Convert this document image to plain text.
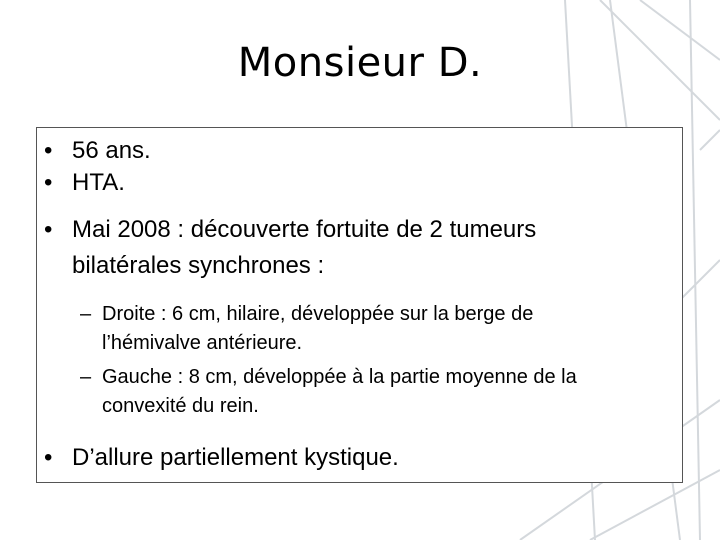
Monsieur D.
• 56 ans.
• HTA.
• Mai 2008 : découverte fortuite de 2 tumeurs
bilatérales synchrones :
– Droite : 6 cm, hilaire, développée sur la berge de
l’hémivalve antérieure.
– Gauche : 8 cm, développée à la partie moyenne de la
convexité du rein.
• D’allure partiellement kystique.
